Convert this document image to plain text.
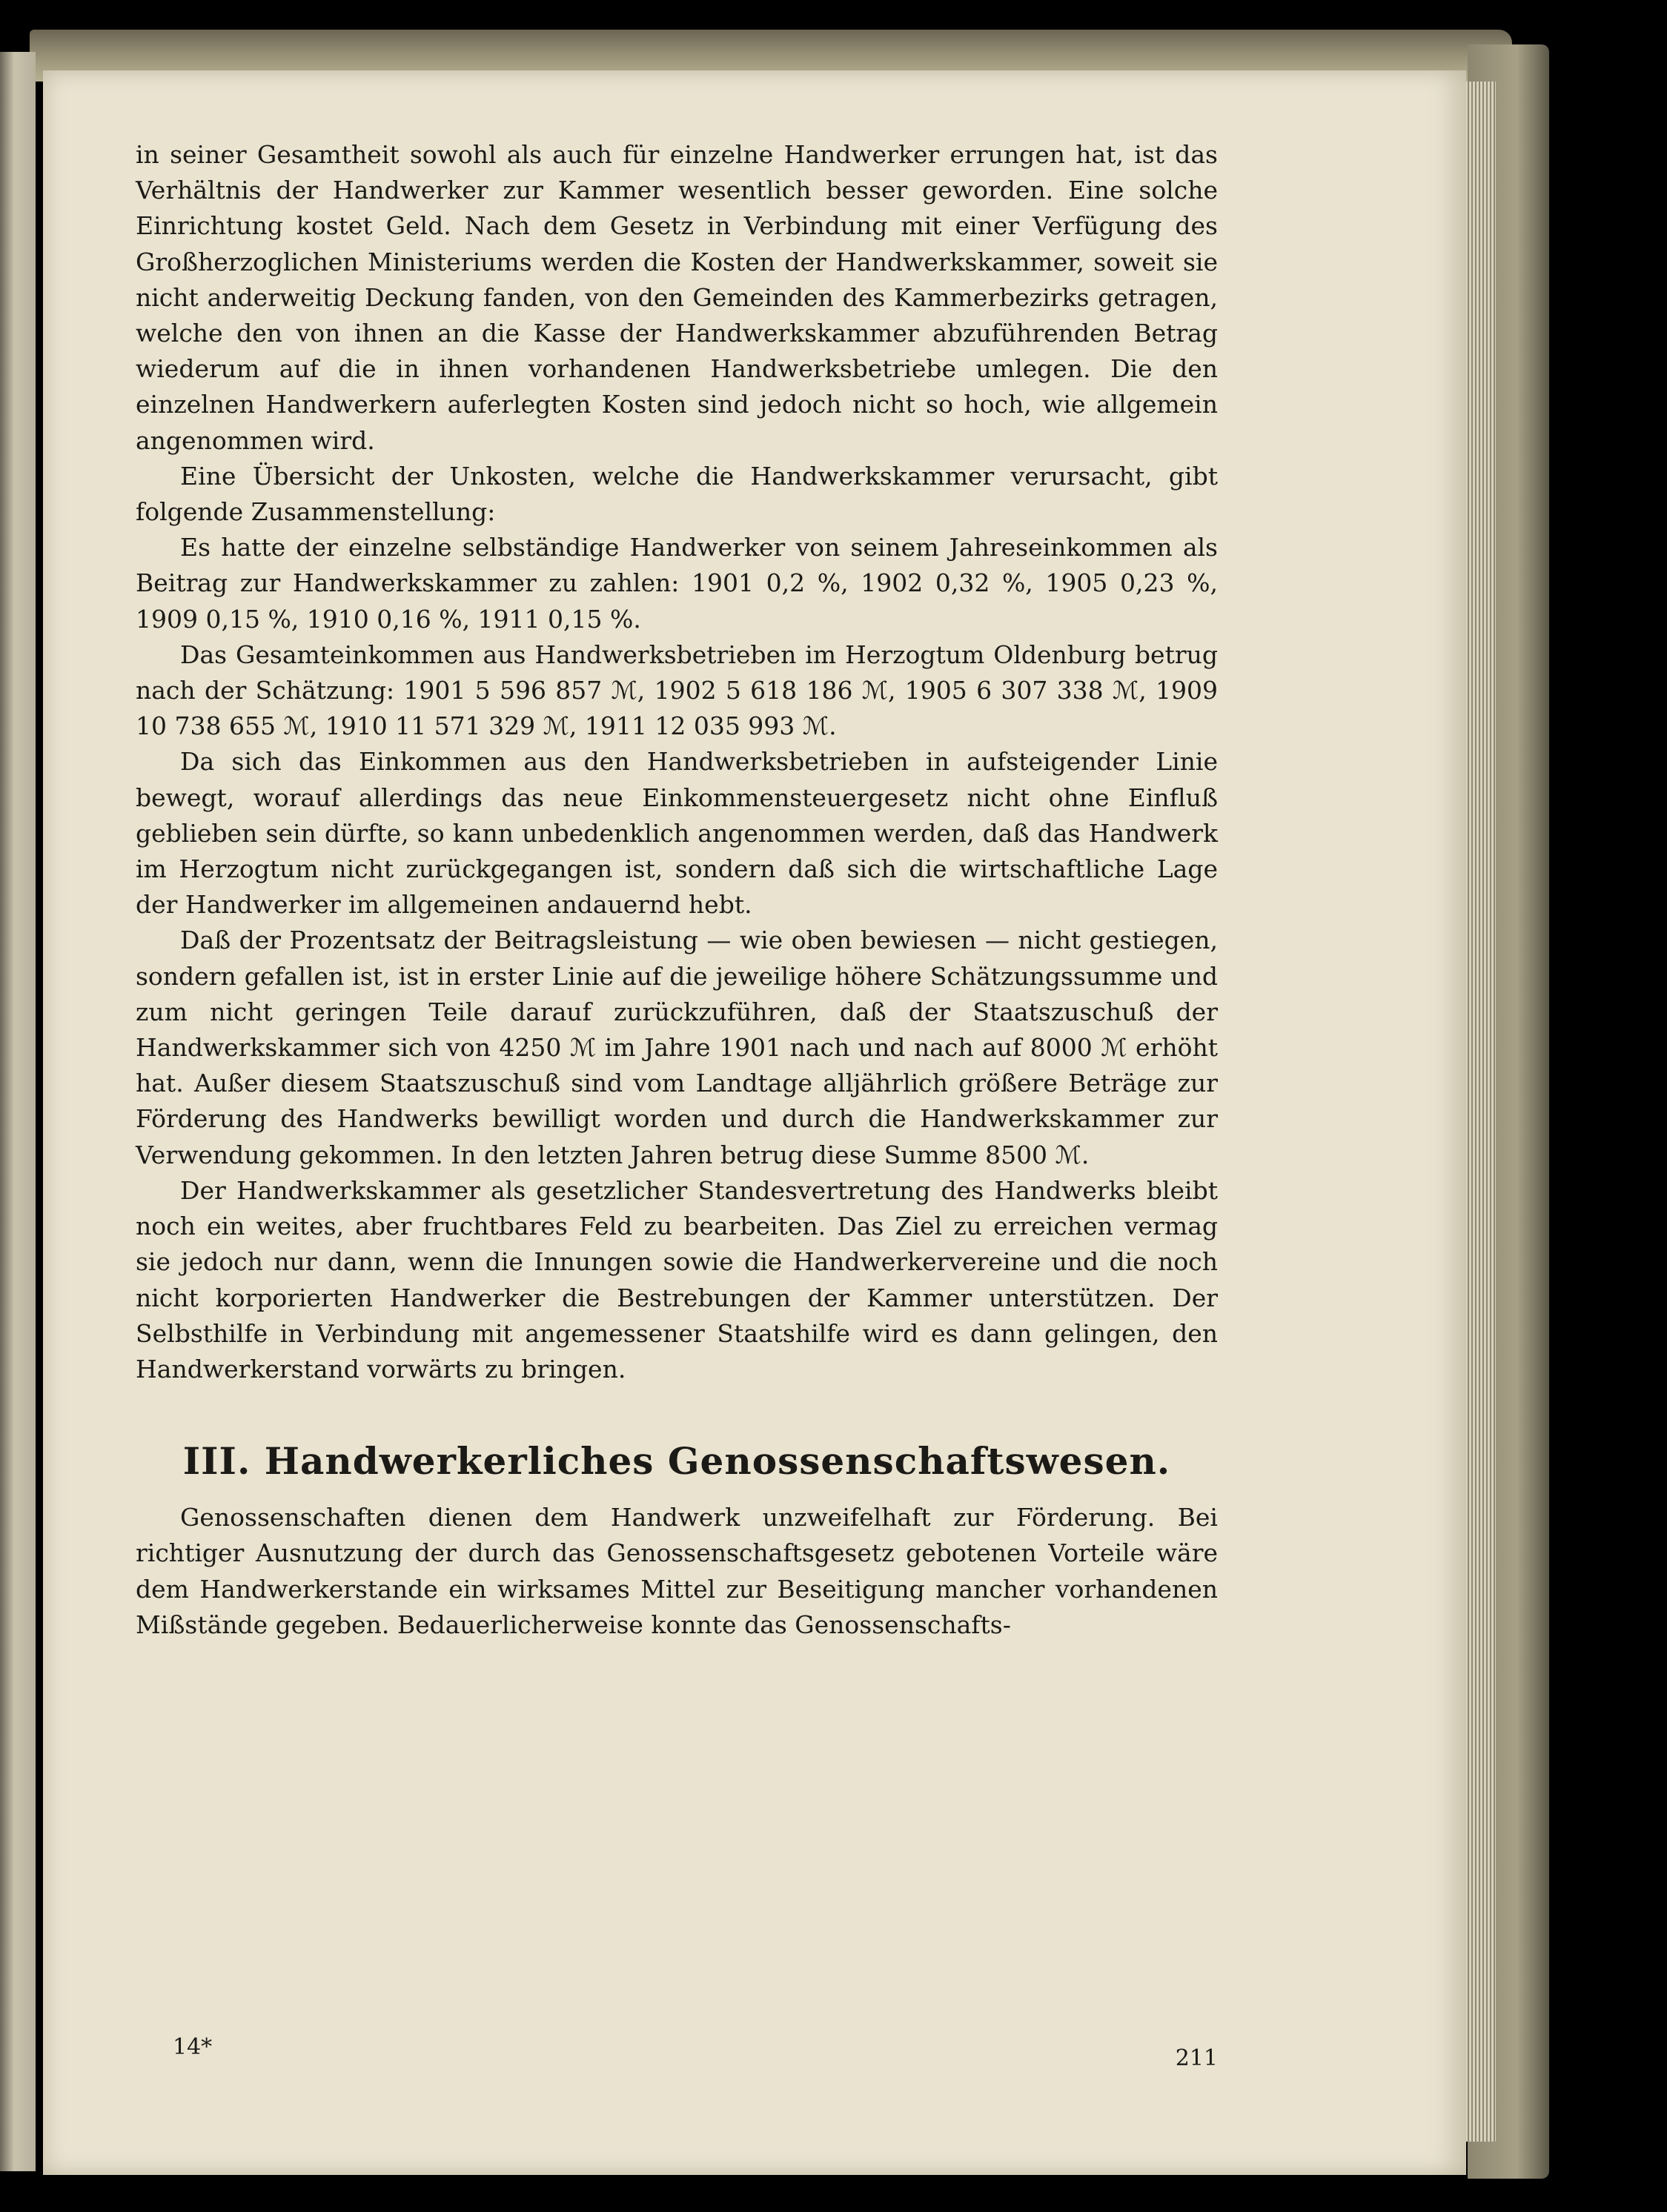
in seiner Gesamtheit sowohl als auch für einzelne Handwerker errungen hat, ist das Verhältnis der Handwerker zur Kammer wesentlich besser geworden. Eine solche Einrichtung kostet Geld. Nach dem Gesetz in Verbindung mit einer Verfügung des Großherzoglichen Ministeriums werden die Kosten der Handwerkskammer, soweit sie nicht anderweitig Deckung fanden, von den Gemeinden des Kammerbezirks getragen, welche den von ihnen an die Kasse der Handwerkskammer abzuführenden Betrag wiederum auf die in ihnen vorhandenen Handwerksbetriebe umlegen. Die den einzelnen Handwerkern auferlegten Kosten sind jedoch nicht so hoch, wie allgemein angenommen wird.

Eine Übersicht der Unkosten, welche die Handwerkskammer verursacht, gibt folgende Zusammenstellung:

Es hatte der einzelne selbständige Handwerker von seinem Jahreseinkommen als Beitrag zur Handwerkskammer zu zahlen: 1901 0,2 %, 1902 0,32 %, 1905 0,23 %, 1909 0,15 %, 1910 0,16 %, 1911 0,15 %.

Das Gesamteinkommen aus Handwerksbetrieben im Herzogtum Oldenburg betrug nach der Schätzung: 1901 5 596 857 ℳ, 1902 5 618 186 ℳ, 1905 6 307 338 ℳ, 1909 10 738 655 ℳ, 1910 11 571 329 ℳ, 1911 12 035 993 ℳ.

Da sich das Einkommen aus den Handwerksbetrieben in aufsteigender Linie bewegt, worauf allerdings das neue Einkommensteuergesetz nicht ohne Einfluß geblieben sein dürfte, so kann unbedenklich angenommen werden, daß das Handwerk im Herzogtum nicht zurückgegangen ist, sondern daß sich die wirtschaftliche Lage der Handwerker im allgemeinen andauernd hebt.

Daß der Prozentsatz der Beitragsleistung — wie oben bewiesen — nicht gestiegen, sondern gefallen ist, ist in erster Linie auf die jeweilige höhere Schätzungssumme und zum nicht geringen Teile darauf zurückzuführen, daß der Staatszuschuß der Handwerkskammer sich von 4250 ℳ im Jahre 1901 nach und nach auf 8000 ℳ erhöht hat. Außer diesem Staatszuschuß sind vom Landtage alljährlich größere Beträge zur Förderung des Handwerks bewilligt worden und durch die Handwerkskammer zur Verwendung gekommen. In den letzten Jahren betrug diese Summe 8500 ℳ.

Der Handwerkskammer als gesetzlicher Standesvertretung des Handwerks bleibt noch ein weites, aber fruchtbares Feld zu bearbeiten. Das Ziel zu erreichen vermag sie jedoch nur dann, wenn die Innungen sowie die Handwerkervereine und die noch nicht korporierten Handwerker die Bestrebungen der Kammer unterstützen. Der Selbsthilfe in Verbindung mit angemessener Staatshilfe wird es dann gelingen, den Handwerkerstand vorwärts zu bringen.

III. Handwerkerliches Genossenschaftswesen.

Genossenschaften dienen dem Handwerk unzweifelhaft zur Förderung. Bei richtiger Ausnutzung der durch das Genossenschaftsgesetz gebotenen Vorteile wäre dem Handwerkerstande ein wirksames Mittel zur Beseitigung mancher vorhandenen Mißstände gegeben. Bedauerlicherweise konnte das Genossenschafts-

14*	211
